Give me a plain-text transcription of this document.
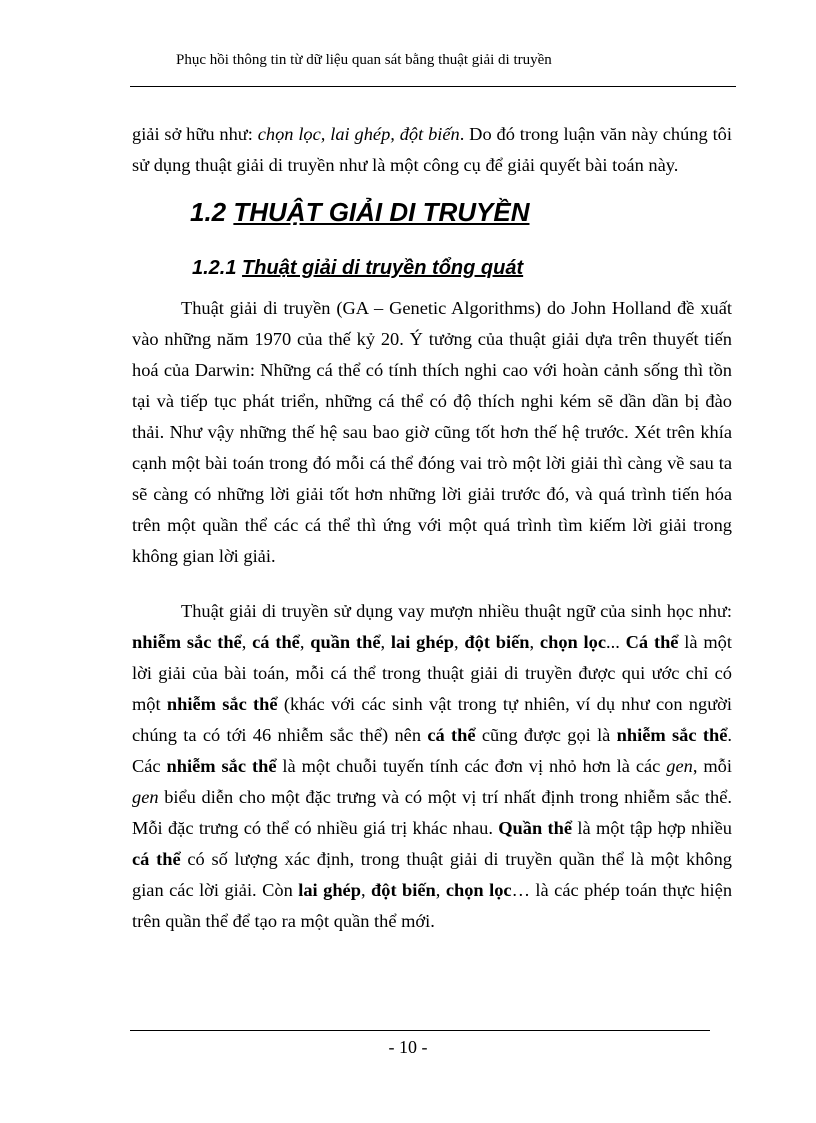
Phục hồi thông tin từ dữ liệu quan sát bằng thuật giải di truyền

giải sở hữu như: chọn lọc, lai ghép, đột biến. Do đó trong luận văn này chúng tôi sử dụng thuật giải di truyền như là một công cụ để giải quyết bài toán này.

1.2 THUẬT GIẢI DI TRUYỀN
1.2.1 Thuật giải di truyền tổng quát

Thuật giải di truyền (GA – Genetic Algorithms) do John Holland đề xuất vào những năm 1970 của thế kỷ 20. Ý tưởng của thuật giải dựa trên thuyết tiến hoá của Darwin: Những cá thể có tính thích nghi cao với hoàn cảnh sống thì tồn tại và tiếp tục phát triển, những cá thể có độ thích nghi kém sẽ dần dần bị đào thải. Như vậy những thế hệ sau bao giờ cũng tốt hơn thế hệ trước. Xét trên khía cạnh một bài toán trong đó mỗi cá thể đóng vai trò một lời giải thì càng về sau ta sẽ càng có những lời giải tốt hơn những lời giải trước đó, và quá trình tiến hóa trên một quần thể các cá thể thì ứng với một quá trình tìm kiếm lời giải trong không gian lời giải.

Thuật giải di truyền sử dụng vay mượn nhiều thuật ngữ của sinh học như: nhiễm sắc thể, cá thể, quần thể, lai ghép, đột biến, chọn lọc... Cá thể là một lời giải của bài toán, mỗi cá thể trong thuật giải di truyền được qui ước chỉ có một nhiễm sắc thể (khác với các sinh vật trong tự nhiên, ví dụ như con người chúng ta có tới 46 nhiễm sắc thể) nên cá thể cũng được gọi là nhiễm sắc thể. Các nhiễm sắc thể là một chuỗi tuyến tính các đơn vị nhỏ hơn là các gen, mỗi gen biểu diễn cho một đặc trưng và có một vị trí nhất định trong nhiễm sắc thể. Mỗi đặc trưng có thể có nhiều giá trị khác nhau. Quần thể là một tập hợp nhiều cá thể có số lượng xác định, trong thuật giải di truyền quần thể là một không gian các lời giải. Còn lai ghép, đột biến, chọn lọc… là các phép toán thực hiện trên quần thể để tạo ra một quần thể mới.

- 10 -
